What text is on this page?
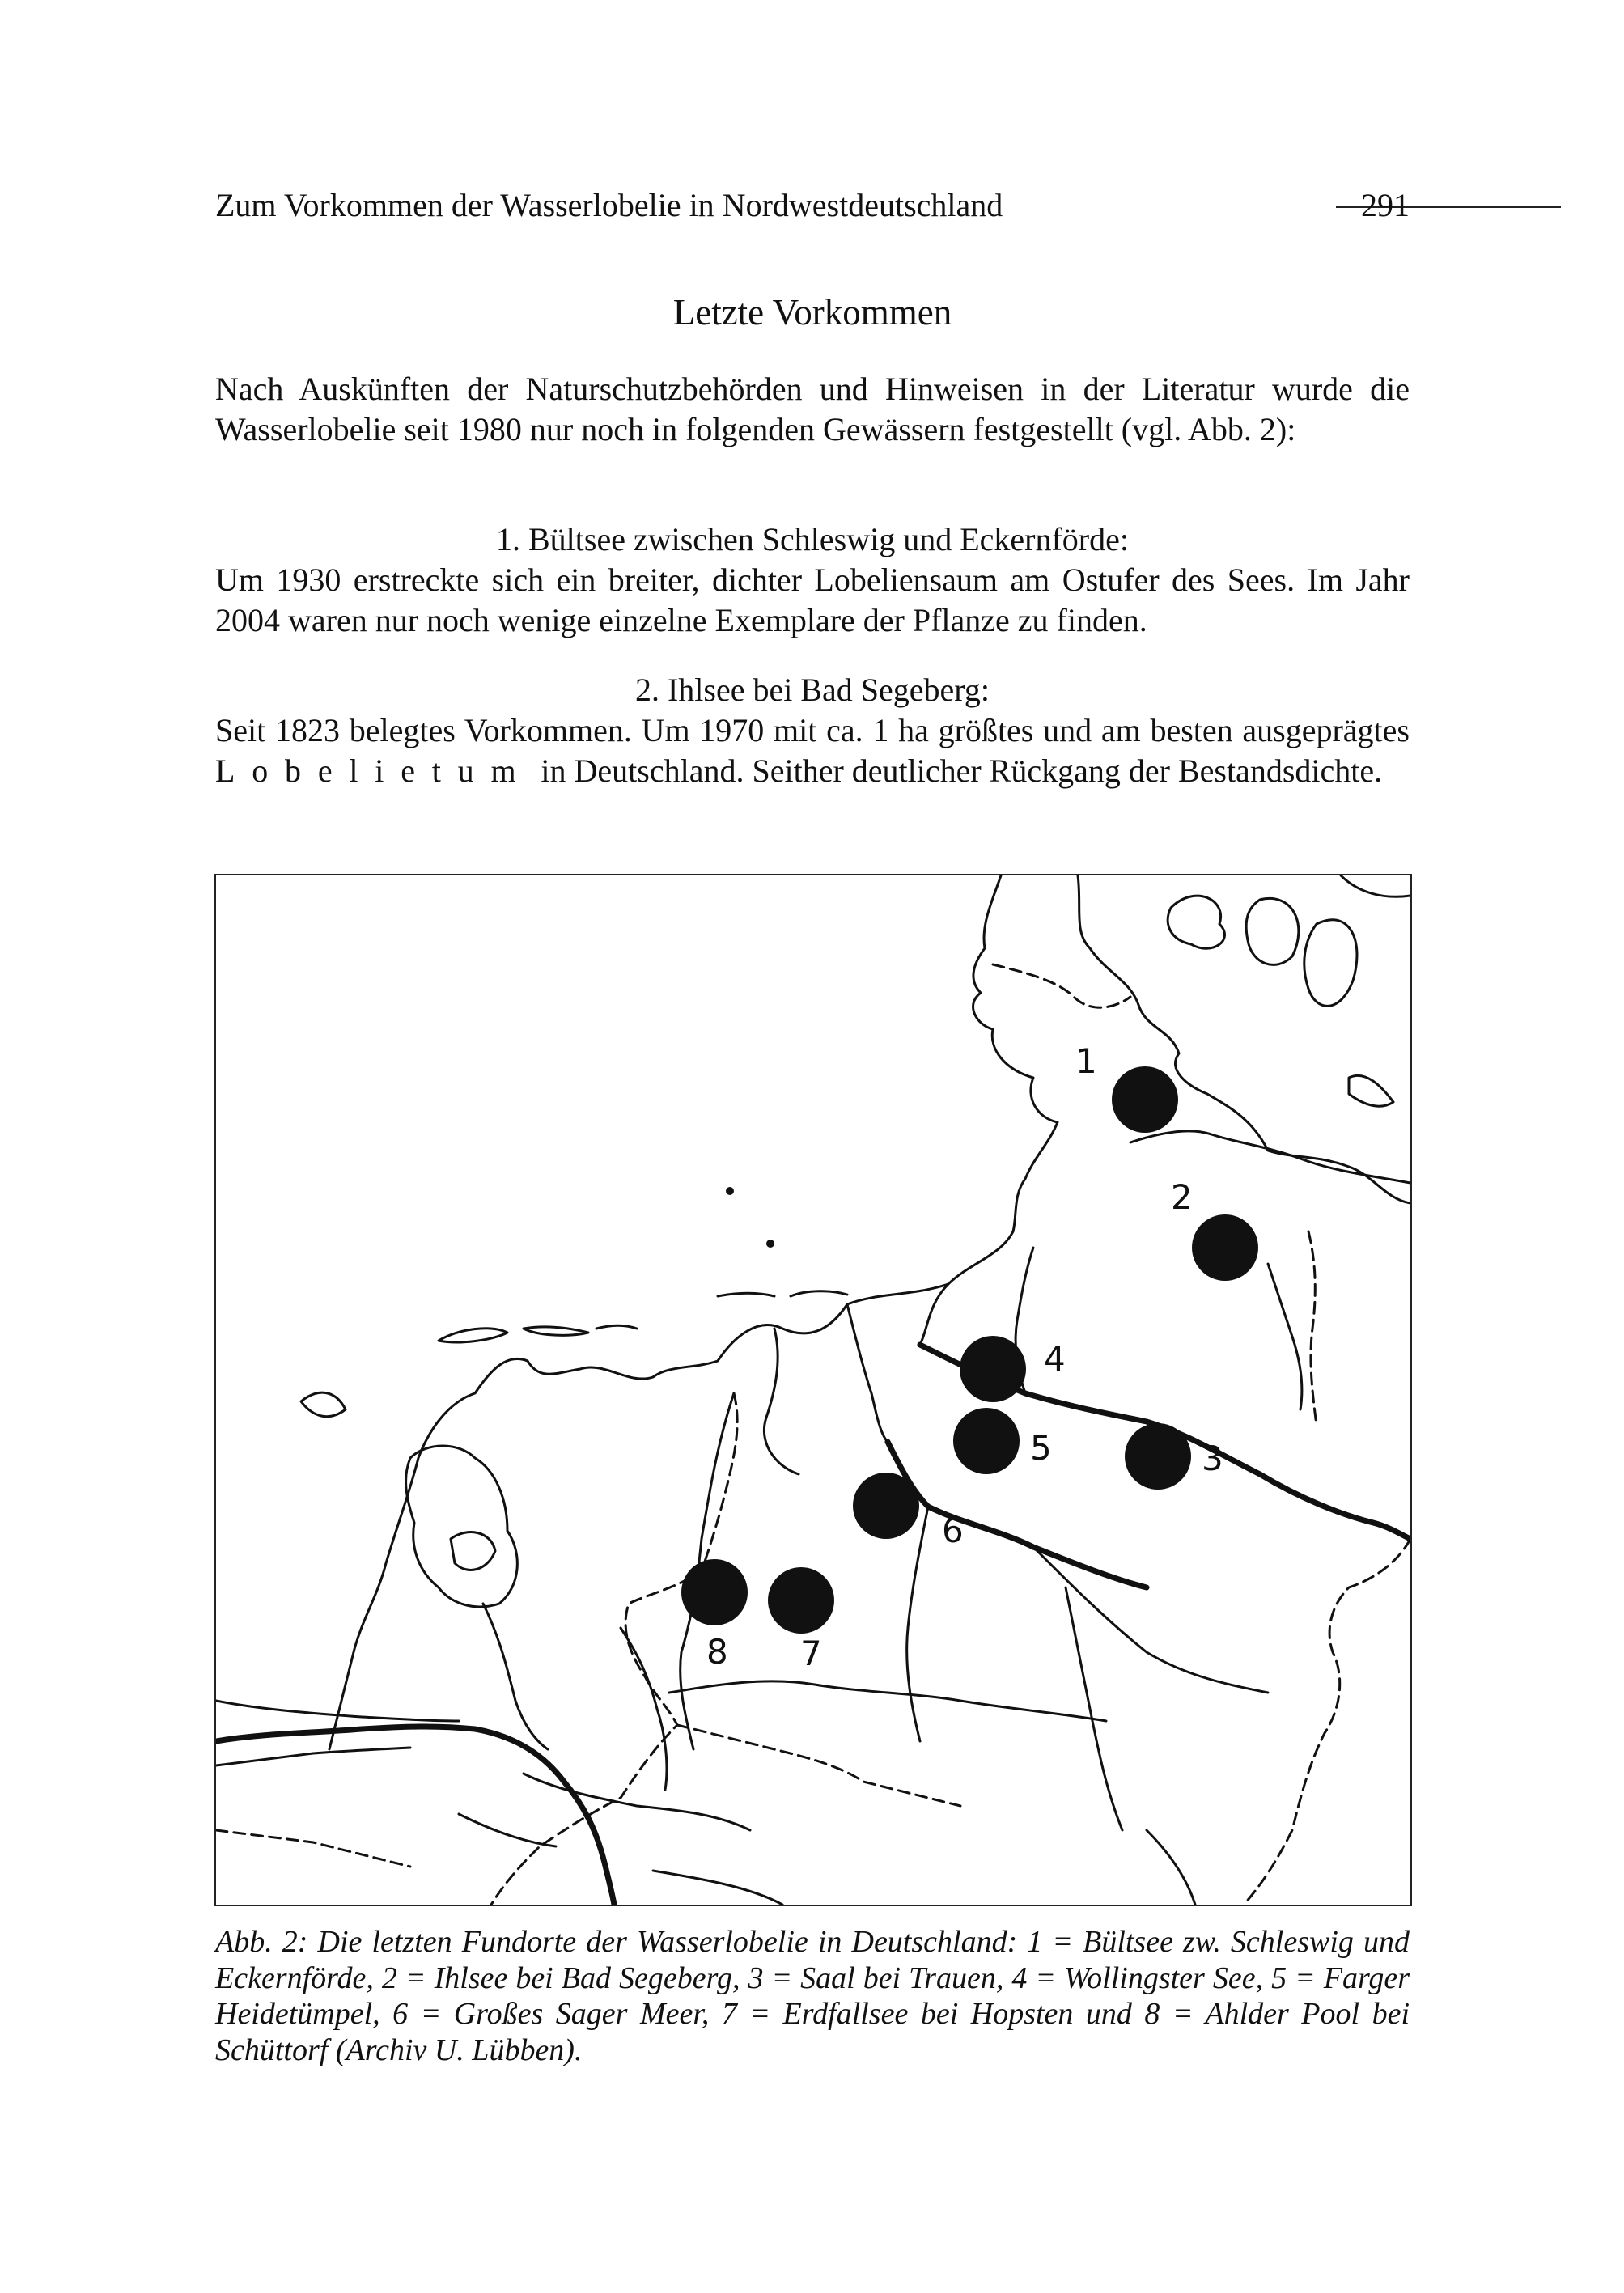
Zum Vorkommen der Wasserlobelie in Nordwestdeutschland	291
Letzte Vorkommen
Nach Auskünften der Naturschutzbehörden und Hinweisen in der Literatur wurde die Wasserlobelie seit 1980 nur noch in folgenden Gewässern festgestellt (vgl. Abb. 2):
1. Bültsee zwischen Schleswig und Eckernförde:
Um 1930 erstreckte sich ein breiter, dichter Lobeliensaum am Ostufer des Sees. Im Jahr 2004 waren nur noch wenige einzelne Exemplare der Pflanze zu finden.
2. Ihlsee bei Bad Segeberg:
Seit 1823 belegtes Vorkommen. Um 1970 mit ca. 1 ha größtes und am besten ausgeprägtes Lobelietum in Deutschland. Seither deutlicher Rückgang der Bestandsdichte.
1
2
3
4
5
6
7
8
Abb. 2: Die letzten Fundorte der Wasserlobelie in Deutschland: 1 = Bültsee zw. Schleswig und Eckernförde, 2 = Ihlsee bei Bad Segeberg, 3 = Saal bei Trauen, 4 = Wollingster See, 5 = Farger Heidetümpel, 6 = Großes Sager Meer, 7 = Erdfallsee bei Hopsten und 8 = Ahlder Pool bei Schüttorf (Archiv U. Lübben).
